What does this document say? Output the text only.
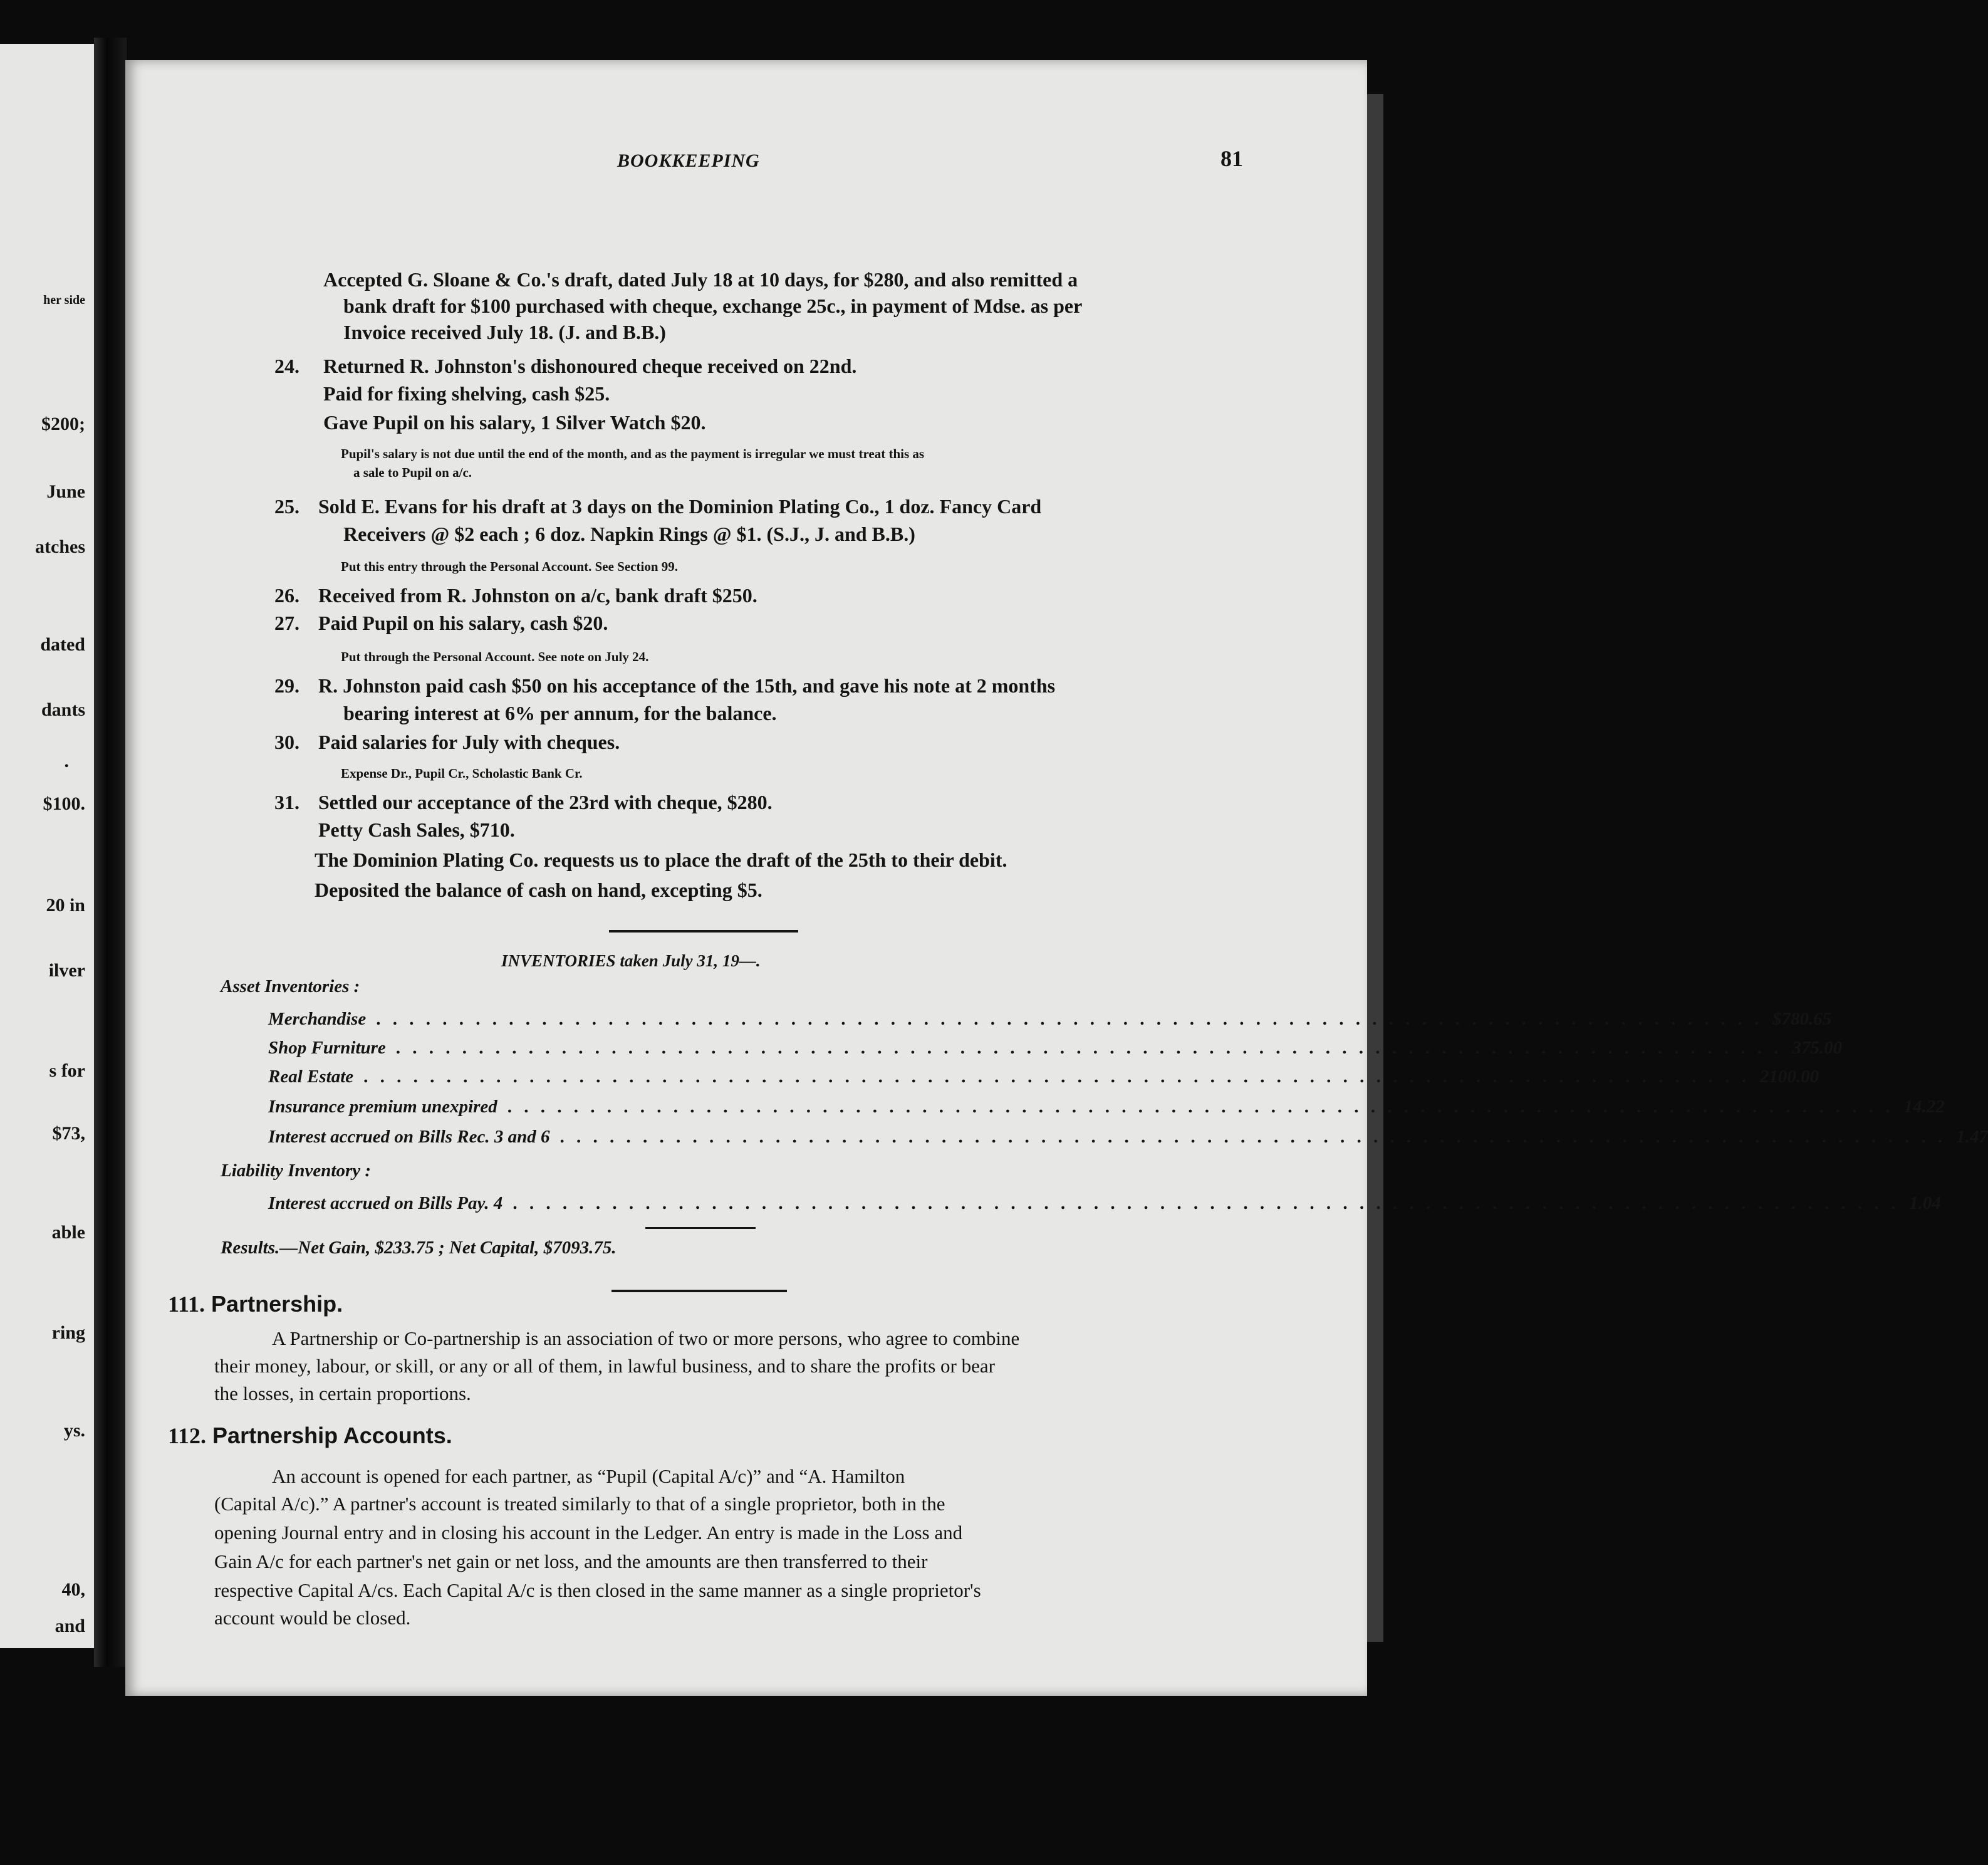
her side
$200;
June
atches
dated
dants
.
$100.
20 in
ilver
s for
$73,
able
ring
ys.
40,
and
BOOKKEEPING	81
Accepted G. Sloane & Co.'s draft, dated July 18 at 10 days, for $280, and also remitted a
bank draft for $100 purchased with cheque, exchange 25c., in payment of Mdse. as per
Invoice received July 18. (J. and B.B.)
24. Returned R. Johnston's dishonoured cheque received on 22nd.
Paid for fixing shelving, cash $25.
Gave Pupil on his salary, 1 Silver Watch $20.
Pupil's salary is not due until the end of the month, and as the payment is irregular we must treat this as
a sale to Pupil on a/c.
25. Sold E. Evans for his draft at 3 days on the Dominion Plating Co., 1 doz. Fancy Card
Receivers @ $2 each ; 6 doz. Napkin Rings @ $1. (S.J., J. and B.B.)
Put this entry through the Personal Account. See Section 99.
26. Received from R. Johnston on a/c, bank draft $250.
27. Paid Pupil on his salary, cash $20.
Put through the Personal Account. See note on July 24.
29. R. Johnston paid cash $50 on his acceptance of the 15th, and gave his note at 2 months
bearing interest at 6% per annum, for the balance.
30. Paid salaries for July with cheques.
Expense Dr., Pupil Cr., Scholastic Bank Cr.
31. Settled our acceptance of the 23rd with cheque, $280.
Petty Cash Sales, $710.
The Dominion Plating Co. requests us to place the draft of the 25th to their debit.
Deposited the balance of cash on hand, excepting $5.
INVENTORIES taken July 31, 19—.
Asset Inventories :
Merchandise . . . . . . . . . . . . . . . . . . . . . . . . . . . . . . . . . . . . . . . . . . . . . . . . . . . . . . . . . . . . . . . . . . . . . . . . . . . . . . . . . . . . $780.65
Shop Furniture . . . . . . . . . . . . . . . . . . . . . . . . . . . . . . . . . . . . . . . . . . . . . . . . . . . . . . . . . . . . . . . . . . . . . . . . . . . . . . . . . . . . 375.00
Real Estate . . . . . . . . . . . . . . . . . . . . . . . . . . . . . . . . . . . . . . . . . . . . . . . . . . . . . . . . . . . . . . . . . . . . . . . . . . . . . . . . . . . . 2100.00
Insurance premium unexpired . . . . . . . . . . . . . . . . . . . . . . . . . . . . . . . . . . . . . . . . . . . . . . . . . . . . . . . . . . . . . . . . . . . . . . . . . . . . . . . . . . . . 14.22
Interest accrued on Bills Rec. 3 and 6 . . . . . . . . . . . . . . . . . . . . . . . . . . . . . . . . . . . . . . . . . . . . . . . . . . . . . . . . . . . . . . . . . . . . . . . . . . . . . . . . . . . . 1.47
Liability Inventory :
Interest accrued on Bills Pay. 4 . . . . . . . . . . . . . . . . . . . . . . . . . . . . . . . . . . . . . . . . . . . . . . . . . . . . . . . . . . . . . . . . . . . . . . . . . . . . . . . . . . . . 1.04
Results.—Net Gain, $233.75 ; Net Capital, $7093.75.
111. Partnership.
A Partnership or Co-partnership is an association of two or more persons, who agree to combine
their money, labour, or skill, or any or all of them, in lawful business, and to share the profits or bear
the losses, in certain proportions.
112. Partnership Accounts.
An account is opened for each partner, as “Pupil (Capital A/c)” and “A. Hamilton
(Capital A/c).” A partner's account is treated similarly to that of a single proprietor, both in the
opening Journal entry and in closing his account in the Ledger. An entry is made in the Loss and
Gain A/c for each partner's net gain or net loss, and the amounts are then transferred to their
respective Capital A/cs. Each Capital A/c is then closed in the same manner as a single proprietor's
account would be closed.
